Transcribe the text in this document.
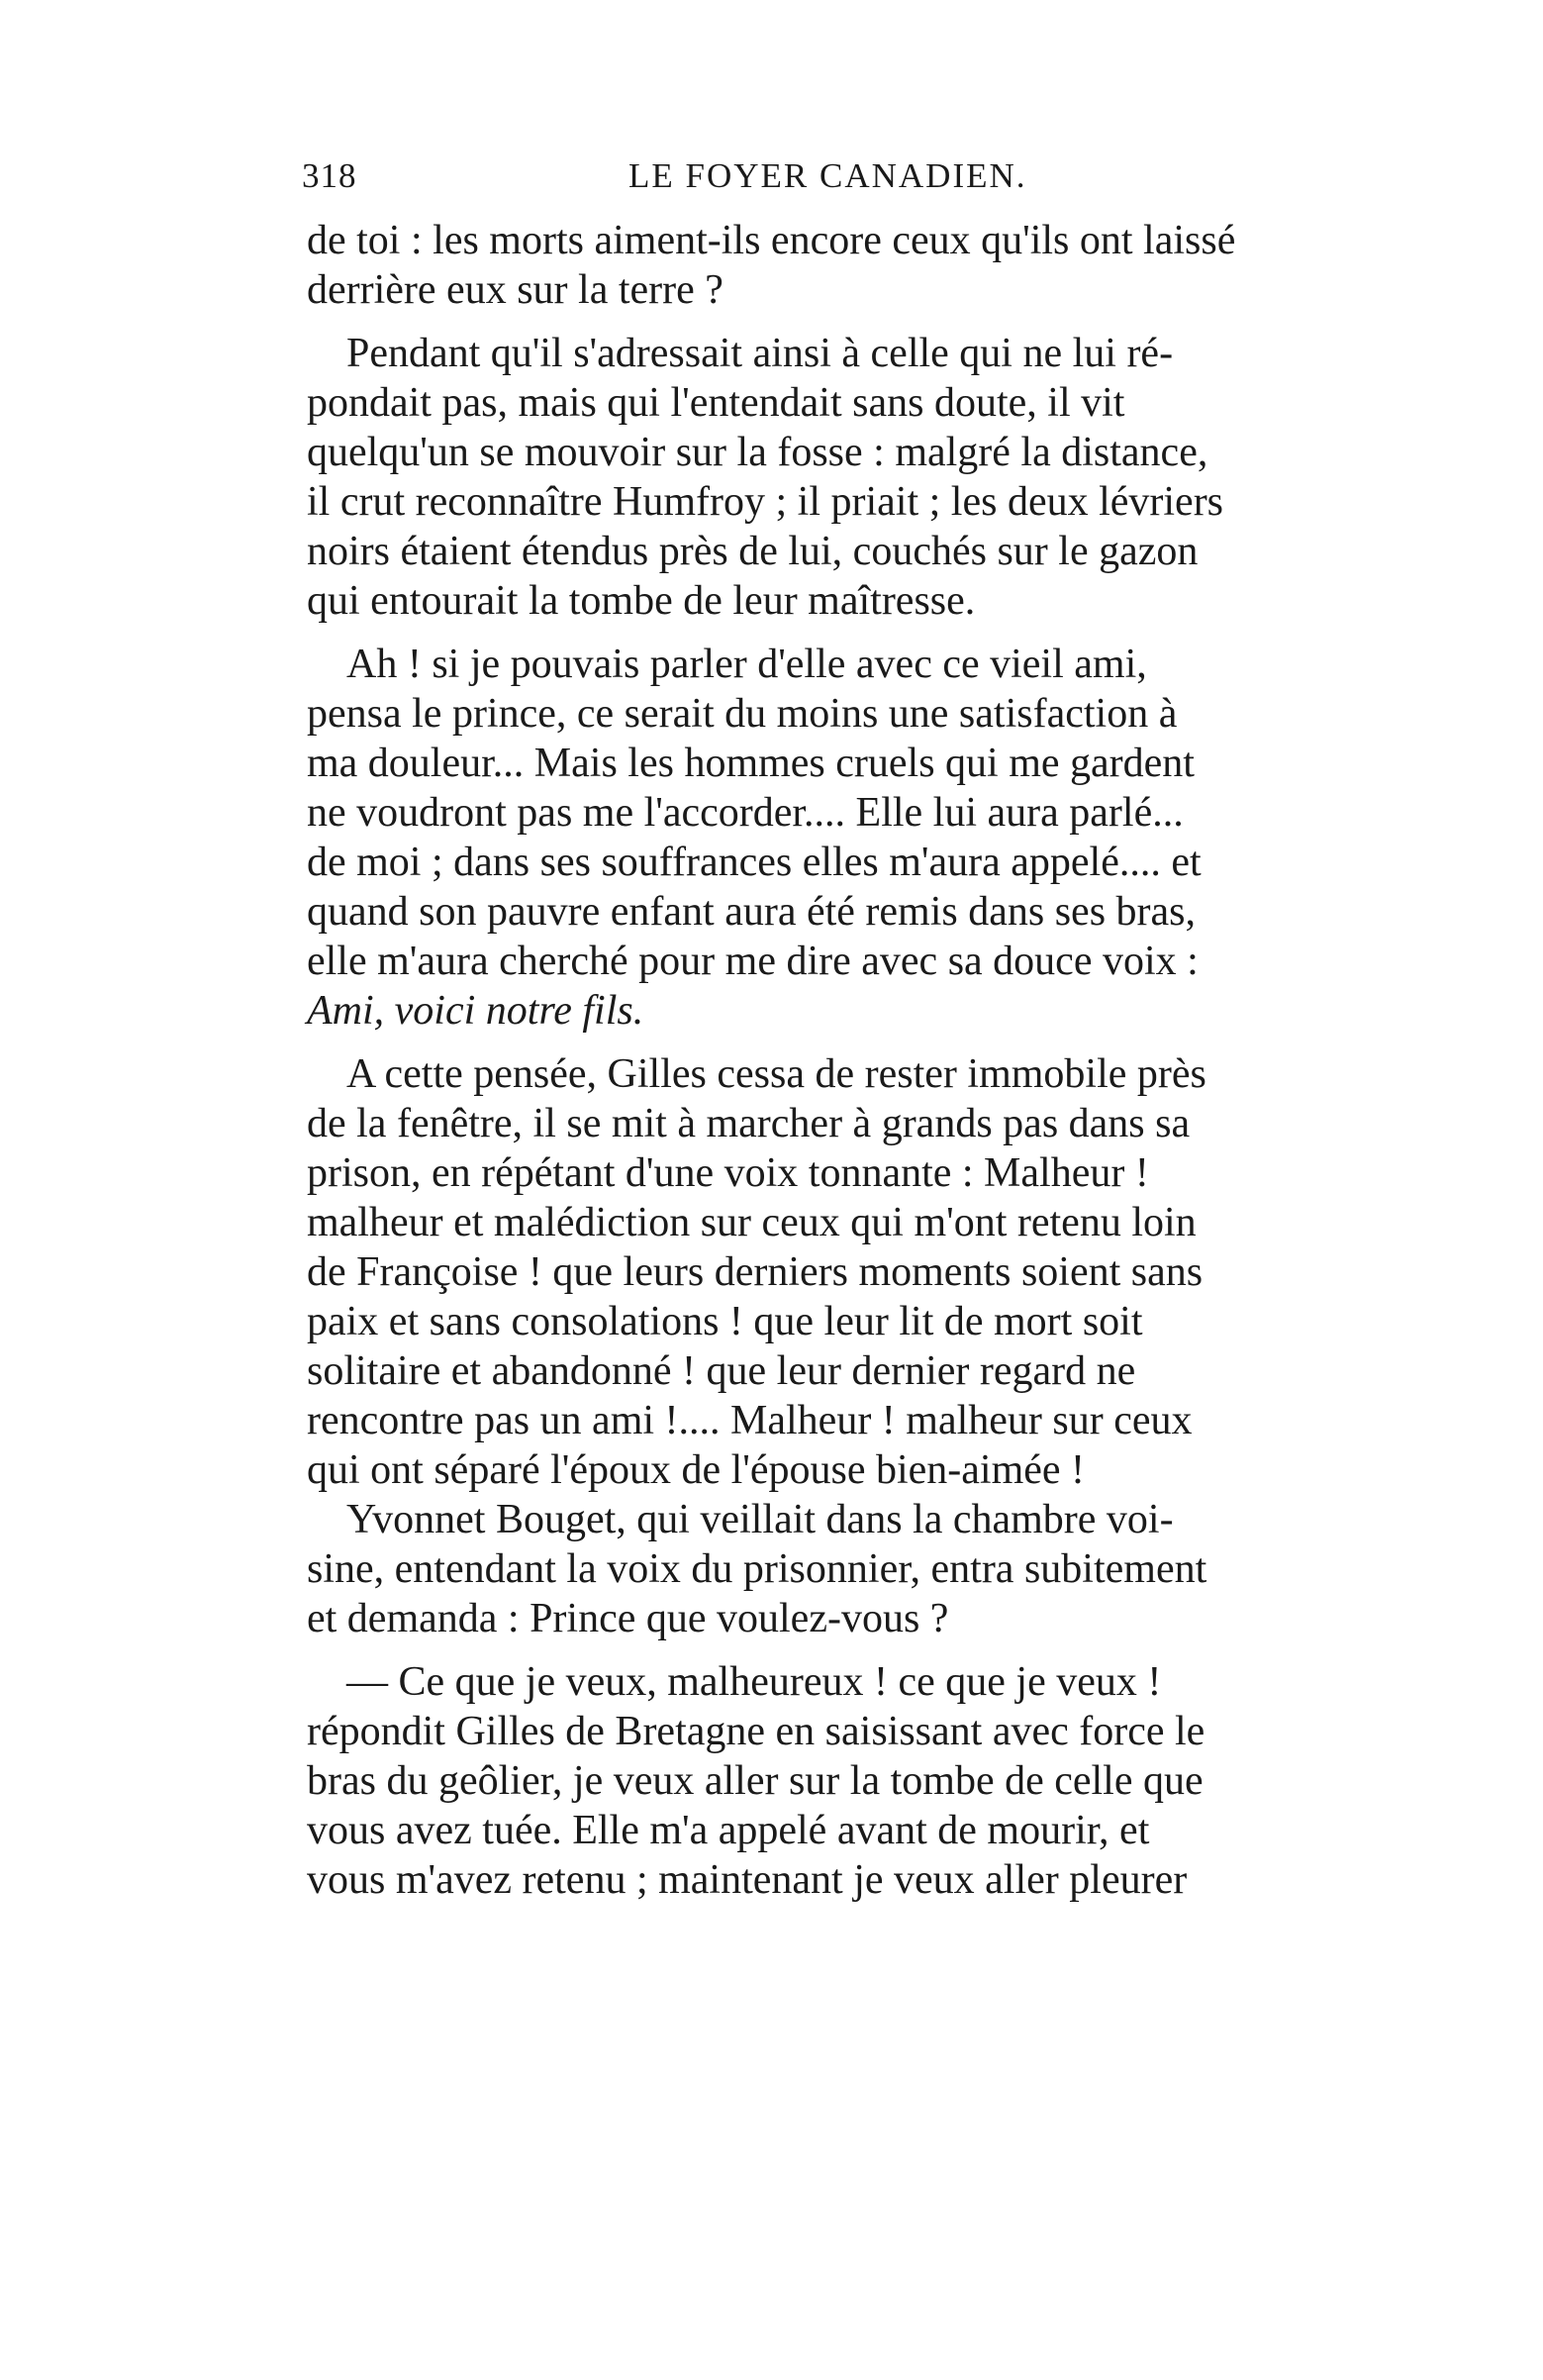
318	LE FOYER CANADIEN.
de toi : les morts aiment-ils encore ceux qu'ils ont laissé
derrière eux sur la terre ?
Pendant qu'il s'adressait ainsi à celle qui ne lui ré-
pondait pas, mais qui l'entendait sans doute, il vit
quelqu'un se mouvoir sur la fosse : malgré la distance,
il crut reconnaître Humfroy ; il priait ; les deux lévriers
noirs étaient étendus près de lui, couchés sur le gazon
qui entourait la tombe de leur maîtresse.
Ah ! si je pouvais parler d'elle avec ce vieil ami,
pensa le prince, ce serait du moins une satisfaction à
ma douleur... Mais les hommes cruels qui me gardent
ne voudront pas me l'accorder.... Elle lui aura parlé...
de moi ; dans ses souffrances elles m'aura appelé.... et
quand son pauvre enfant aura été remis dans ses bras,
elle m'aura cherché pour me dire avec sa douce voix :
Ami, voici notre fils.
A cette pensée, Gilles cessa de rester immobile près
de la fenêtre, il se mit à marcher à grands pas dans sa
prison, en répétant d'une voix tonnante : Malheur !
malheur et malédiction sur ceux qui m'ont retenu loin
de Françoise ! que leurs derniers moments soient sans
paix et sans consolations ! que leur lit de mort soit
solitaire et abandonné ! que leur dernier regard ne
rencontre pas un ami !.... Malheur ! malheur sur ceux
qui ont séparé l'époux de l'épouse bien-aimée !
Yvonnet Bouget, qui veillait dans la chambre voi-
sine, entendant la voix du prisonnier, entra subitement
et demanda : Prince que voulez-vous ?
— Ce que je veux, malheureux ! ce que je veux !
répondit Gilles de Bretagne en saisissant avec force le
bras du geôlier, je veux aller sur la tombe de celle que
vous avez tuée. Elle m'a appelé avant de mourir, et
vous m'avez retenu ; maintenant je veux aller pleurer
